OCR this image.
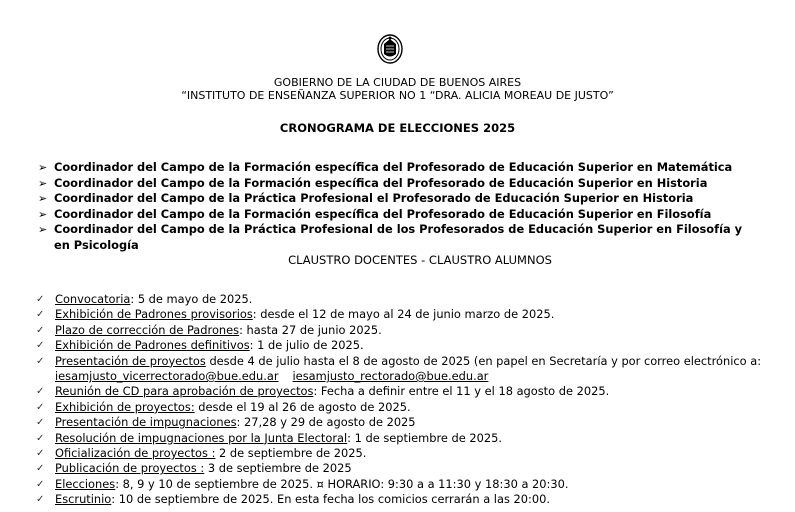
GOBIERNO DE LA CIUDAD DE BUENOS AIRES
“INSTITUTO DE ENSEÑANZA SUPERIOR NO 1 “DRA. ALICIA MOREAU DE JUSTO”
CRONOGRAMA DE ELECCIONES 2025
➢ Coordinador del Campo de la Formación específica del Profesorado de Educación Superior en Matemática
➢ Coordinador del Campo de la Formación específica del Profesorado de Educación Superior en Historia
➢ Coordinador del Campo de la Práctica Profesional el Profesorado de Educación Superior en Historia
➢ Coordinador del Campo de la Formación específica del Profesorado de Educación Superior en Filosofía
➢ Coordinador del Campo de la Práctica Profesional de los Profesorados de Educación Superior en Filosofía y en Psicología
CLAUSTRO DOCENTES - CLAUSTRO ALUMNOS
✓ Convocatoria: 5 de mayo de 2025.
✓ Exhibición de Padrones provisorios: desde el 12 de mayo al 24 de junio marzo de 2025.
✓ Plazo de corrección de Padrones: hasta 27 de junio 2025.
✓ Exhibición de Padrones definitivos: 1 de julio de 2025.
✓ Presentación de proyectos desde 4 de julio hasta el 8 de agosto de 2025 (en papel en Secretaría y por correo electrónico a: iesamjusto_vicerrectorado@bue.edu.ar iesamjusto_rectorado@bue.edu.ar
✓ Reunión de CD para aprobación de proyectos: Fecha a definir entre el 11 y el 18 agosto de 2025.
✓ Exhibición de proyectos: desde el 19 al 26 de agosto de 2025.
✓ Presentación de impugnaciones: 27,28 y 29 de agosto de 2025
✓ Resolución de impugnaciones por la Junta Electoral: 1 de septiembre de 2025.
✓ Oficialización de proyectos : 2 de septiembre de 2025.
✓ Publicación de proyectos : 3 de septiembre de 2025
✓ Elecciones: 8, 9 y 10 de septiembre de 2025. ¤ HORARIO: 9:30 a a 11:30 y 18:30 a 20:30.
✓ Escrutinio: 10 de septiembre de 2025. En esta fecha los comicios cerrarán a las 20:00.
